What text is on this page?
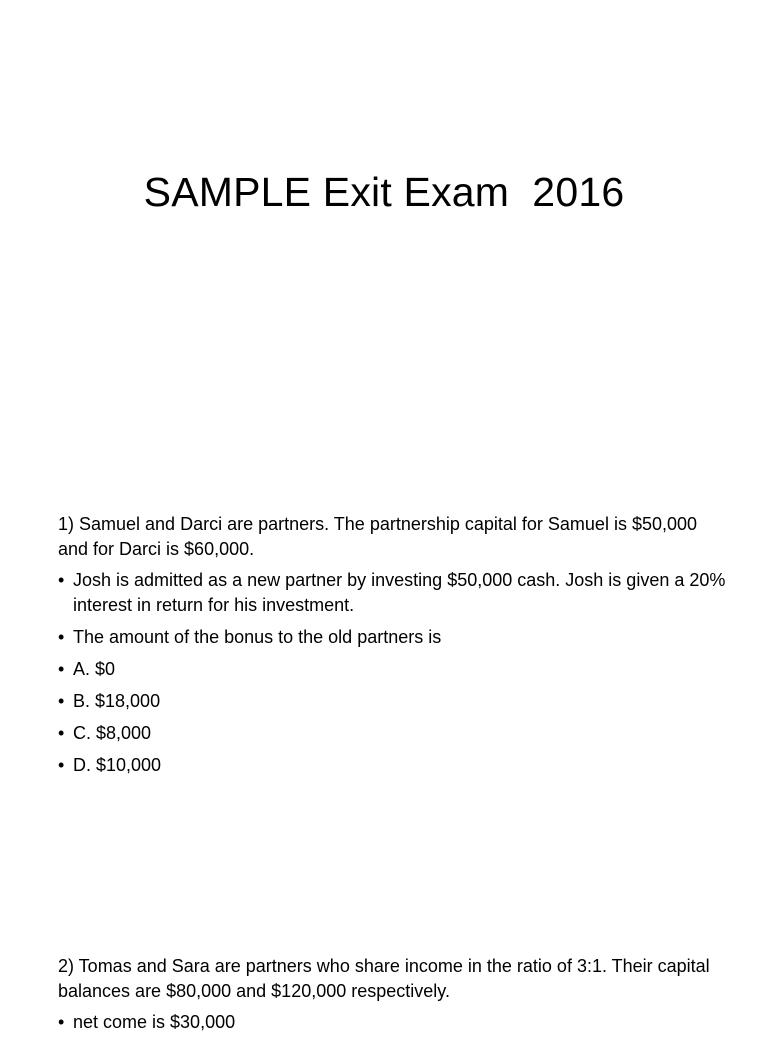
SAMPLE Exit Exam  2016

1) Samuel and Darci are partners. The partnership capital for Samuel is $50,000 and for Darci is $60,000.

• Josh is admitted as a new partner by investing $50,000 cash. Josh is given a 20% interest in return for his investment.
• The amount of the bonus to the old partners is
• A. $0
• B. $18,000
• C. $8,000
• D. $10,000

2) Tomas and Sara are partners who share income in the ratio of 3:1. Their capital balances are $80,000 and $120,000 respectively.

• net come is $30,000
